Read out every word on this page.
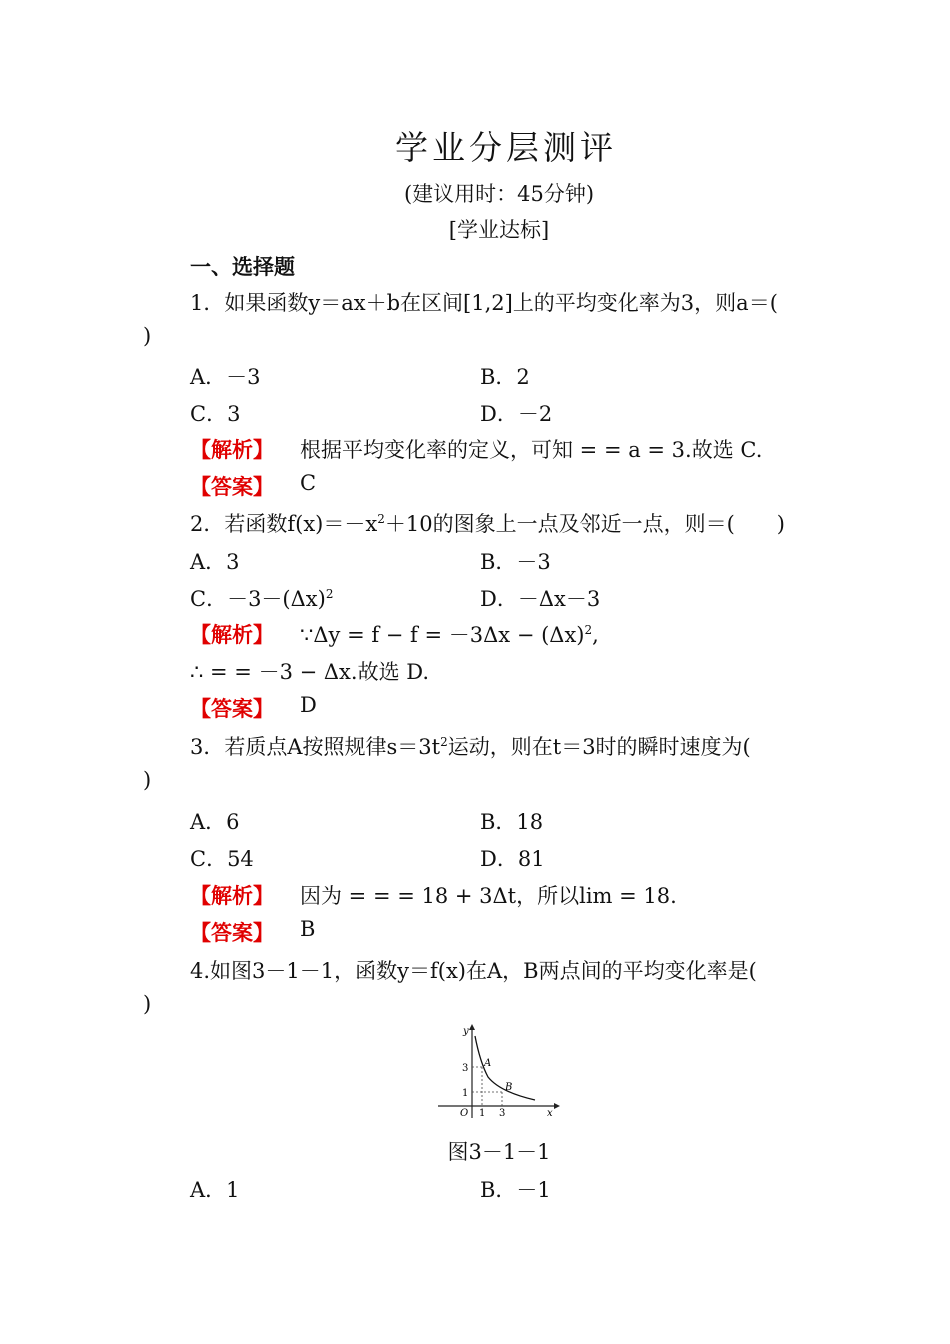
学业分层测评
(建议用时：45分钟)
[学业达标]
一、选择题
1．如果函数y＝ax＋b在区间[1,2]上的平均变化率为3，则a＝(
)
A．－3	B．2
C．3	D．－2
【解析】 根据平均变化率的定义，可知 = = a = 3.故选 C.
【答案】 C
2．若函数$f(x)=-x^2+10$的图象上一点及邻近一点，则＝(　　)
A．3	B．－3
C．$-3-(\Delta x)^2$	D．－Δx－3
【解析】 ∵Δy = $f - f = -3\Delta x - (\Delta x)^2$,
∴ = = －3 − Δx.故选 D.
【答案】 D
3．若质点A按照规律$s=3t^2$运动，则在t＝3时的瞬时速度为(
)
A．6	B．18
C．54	D．81
【解析】 因为 = = = 18 + 3Δt，所以lim = 18.
【答案】 B
4.如图3－1－1，函数y＝f(x)在A，B两点间的平均变化率是(
)
y
x
O 1 3
3
1
A
B
图3－1－1
A．1	B．－1
